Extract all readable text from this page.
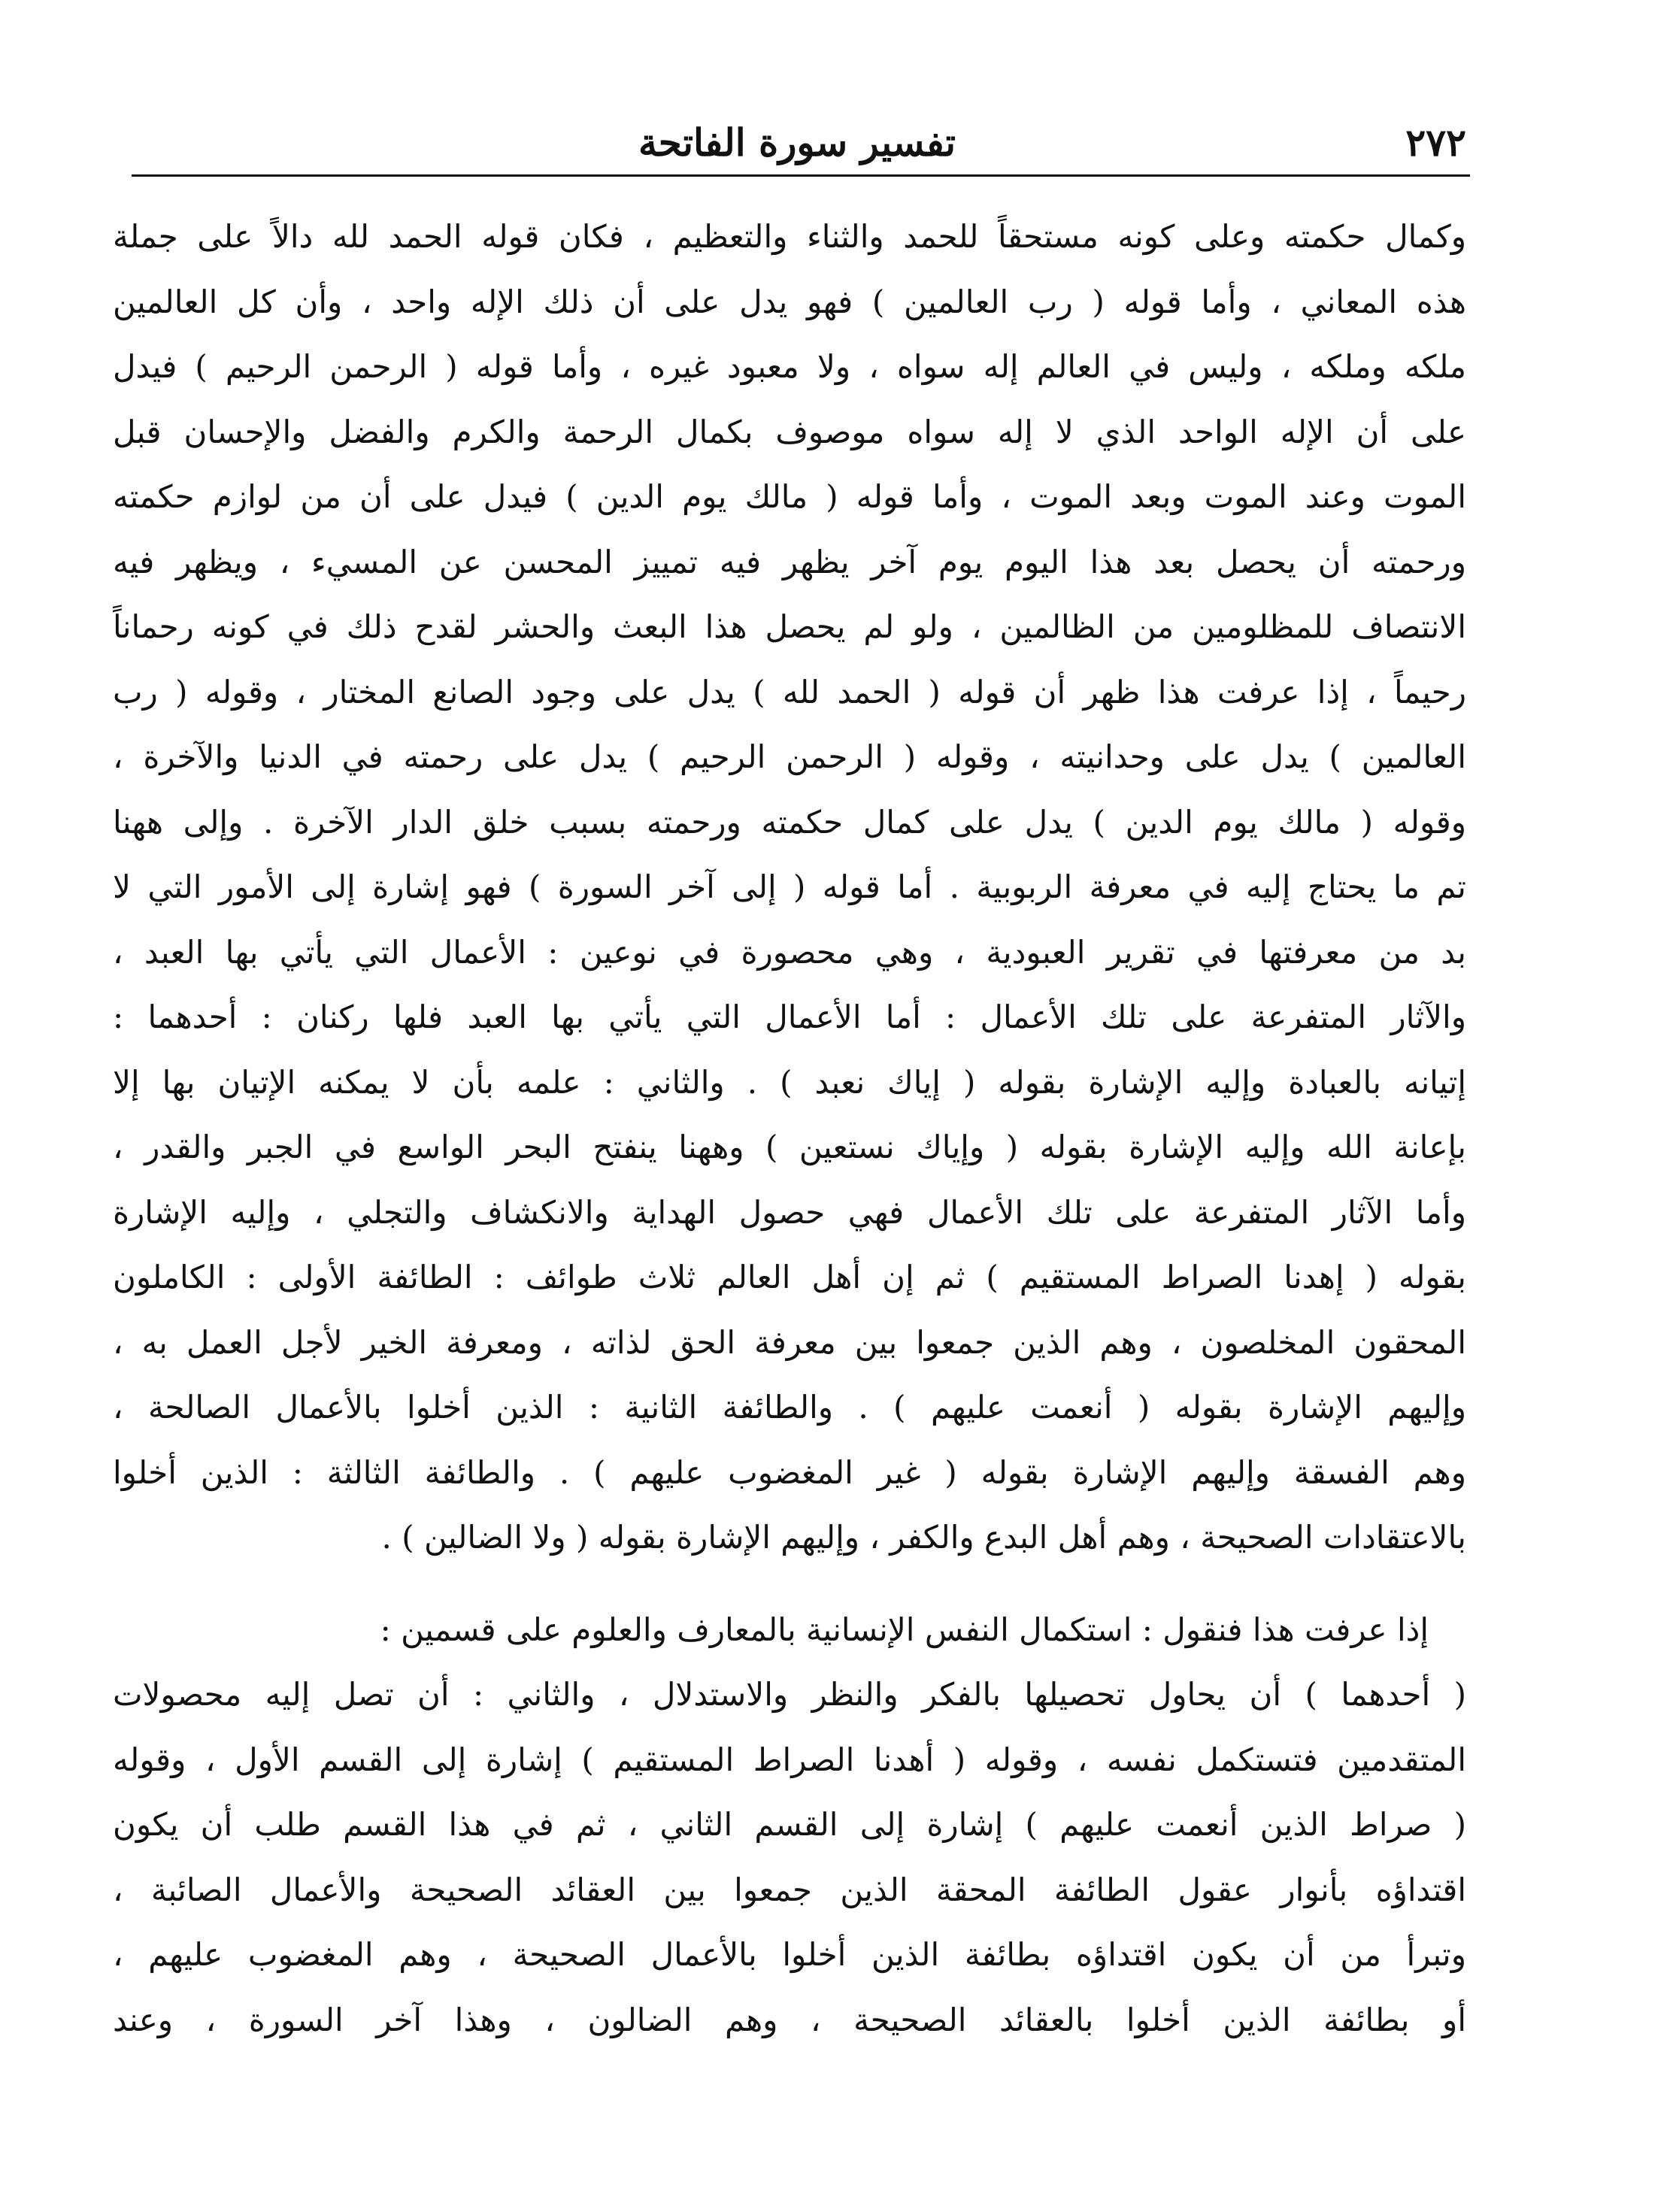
٢٧٢
تفسير سورة الفاتحة
وكمال حكمته وعلى كونه مستحقاً للحمد والثناء والتعظيم ، فكان قوله الحمد لله دالاً على جملة
هذه المعاني ، وأما قوله ( رب العالمين ) فهو يدل على أن ذلك الإله واحد ، وأن كل العالمين
ملكه وملكه ، وليس في العالم إله سواه ، ولا معبود غيره ، وأما قوله ( الرحمن الرحيم ) فيدل
على أن الإله الواحد الذي لا إله سواه موصوف بكمال الرحمة والكرم والفضل والإحسان قبل
الموت وعند الموت وبعد الموت ، وأما قوله ( مالك يوم الدين ) فيدل على أن من لوازم حكمته
ورحمته أن يحصل بعد هذا اليوم يوم آخر يظهر فيه تمييز المحسن عن المسيء ، ويظهر فيه
الانتصاف للمظلومين من الظالمين ، ولو لم يحصل هذا البعث والحشر لقدح ذلك في كونه رحماناً
رحيماً ، إذا عرفت هذا ظهر أن قوله ( الحمد لله ) يدل على وجود الصانع المختار ، وقوله ( رب
العالمين ) يدل على وحدانيته ، وقوله ( الرحمن الرحيم ) يدل على رحمته في الدنيا والآخرة ،
وقوله ( مالك يوم الدين ) يدل على كمال حكمته ورحمته بسبب خلق الدار الآخرة . وإلى ههنا
تم ما يحتاج إليه في معرفة الربوبية . أما قوله ( إلى آخر السورة ) فهو إشارة إلى الأمور التي لا
بد من معرفتها في تقرير العبودية ، وهي محصورة في نوعين : الأعمال التي يأتي بها العبد ،
والآثار المتفرعة على تلك الأعمال : أما الأعمال التي يأتي بها العبد فلها ركنان : أحدهما :
إتيانه بالعبادة وإليه الإشارة بقوله ( إياك نعبد ) . والثاني : علمه بأن لا يمكنه الإتيان بها إلا
بإعانة الله وإليه الإشارة بقوله ( وإياك نستعين ) وههنا ينفتح البحر الواسع في الجبر والقدر ،
وأما الآثار المتفرعة على تلك الأعمال فهي حصول الهداية والانكشاف والتجلي ، وإليه الإشارة
بقوله ( إهدنا الصراط المستقيم ) ثم إن أهل العالم ثلاث طوائف : الطائفة الأولى : الكاملون
المحقون المخلصون ، وهم الذين جمعوا بين معرفة الحق لذاته ، ومعرفة الخير لأجل العمل به ،
وإليهم الإشارة بقوله ( أنعمت عليهم ) . والطائفة الثانية : الذين أخلوا بالأعمال الصالحة ،
وهم الفسقة وإليهم الإشارة بقوله ( غير المغضوب عليهم ) . والطائفة الثالثة : الذين أخلوا
بالاعتقادات الصحيحة ، وهم أهل البدع والكفر ، وإليهم الإشارة بقوله ( ولا الضالين ) .
إذا عرفت هذا فنقول : استكمال النفس الإنسانية بالمعارف والعلوم على قسمين :
( أحدهما ) أن يحاول تحصيلها بالفكر والنظر والاستدلال ، والثاني : أن تصل إليه محصولات
المتقدمين فتستكمل نفسه ، وقوله ( أهدنا الصراط المستقيم ) إشارة إلى القسم الأول ، وقوله
( صراط الذين أنعمت عليهم ) إشارة إلى القسم الثاني ، ثم في هذا القسم طلب أن يكون
اقتداؤه بأنوار عقول الطائفة المحقة الذين جمعوا بين العقائد الصحيحة والأعمال الصائبة ،
وتبرأ من أن يكون اقتداؤه بطائفة الذين أخلوا بالأعمال الصحيحة ، وهم المغضوب عليهم ،
أو بطائفة الذين أخلوا بالعقائد الصحيحة ، وهم الضالون ، وهذا آخر السورة ، وعند
